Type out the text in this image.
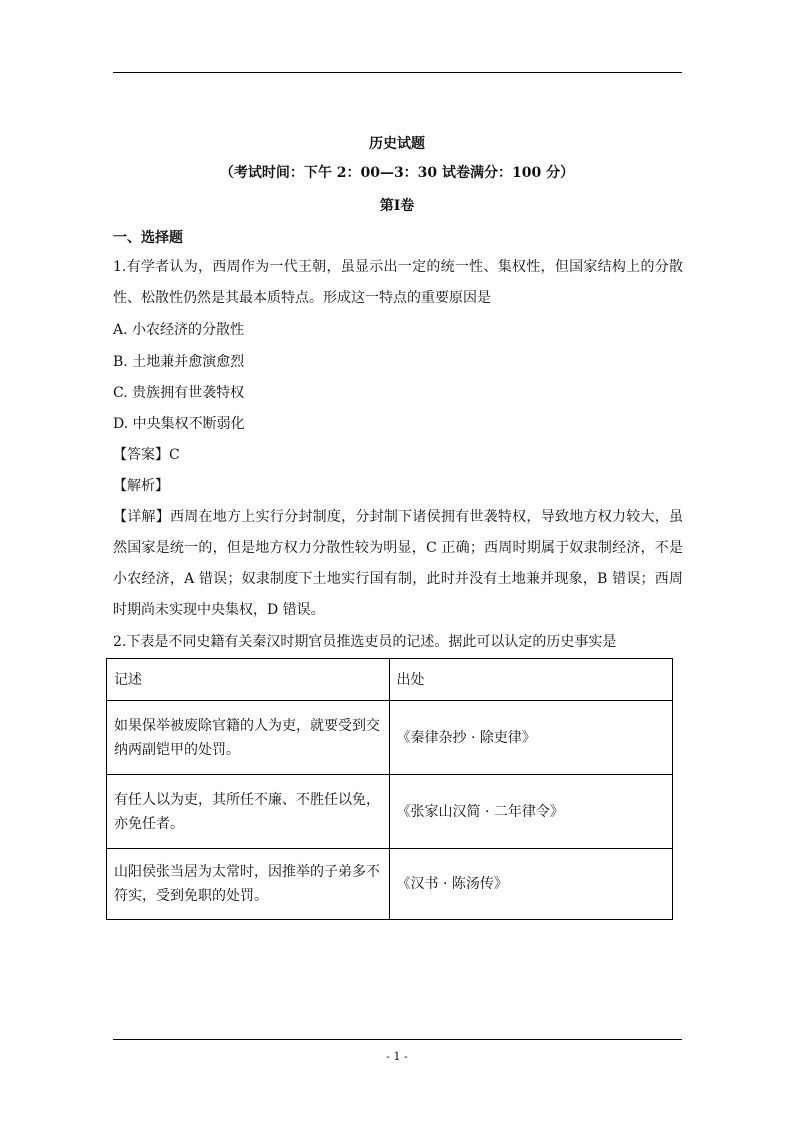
历史试题
（考试时间：下午 2：00—3：30 试卷满分：100 分）
第Ⅰ卷
一、选择题

1.有学者认为，西周作为一代王朝，虽显示出一定的统一性、集权性，但国家结构上的分散性、松散性仍然是其最本质特点。形成这一特点的重要原因是

A. 小农经济的分散性
B. 土地兼并愈演愈烈
C. 贵族拥有世袭特权
D. 中央集权不断弱化
【答案】C
【解析】

【详解】西周在地方上实行分封制度，分封制下诸侯拥有世袭特权，导致地方权力较大，虽然国家是统一的，但是地方权力分散性较为明显，C 正确；西周时期属于奴隶制经济，不是小农经济，A 错误；奴隶制度下土地实行国有制，此时并没有土地兼并现象，B 错误；西周时期尚未实现中央集权，D 错误。

2.下表是不同史籍有关秦汉时期官员推选吏员的记述。据此可以认定的历史事实是

记述	出处
如果保举被废除官籍的人为吏，就要受到交纳两副铠甲的处罚。	《秦律杂抄 · 除吏律》
有任人以为吏，其所任不廉、不胜任以免，亦免任者。	《张家山汉简 · 二年律令》
山阳侯张当居为太常时，因推举的子弟多不符实，受到免职的处罚。	《汉书 · 陈汤传》
- 1 -
